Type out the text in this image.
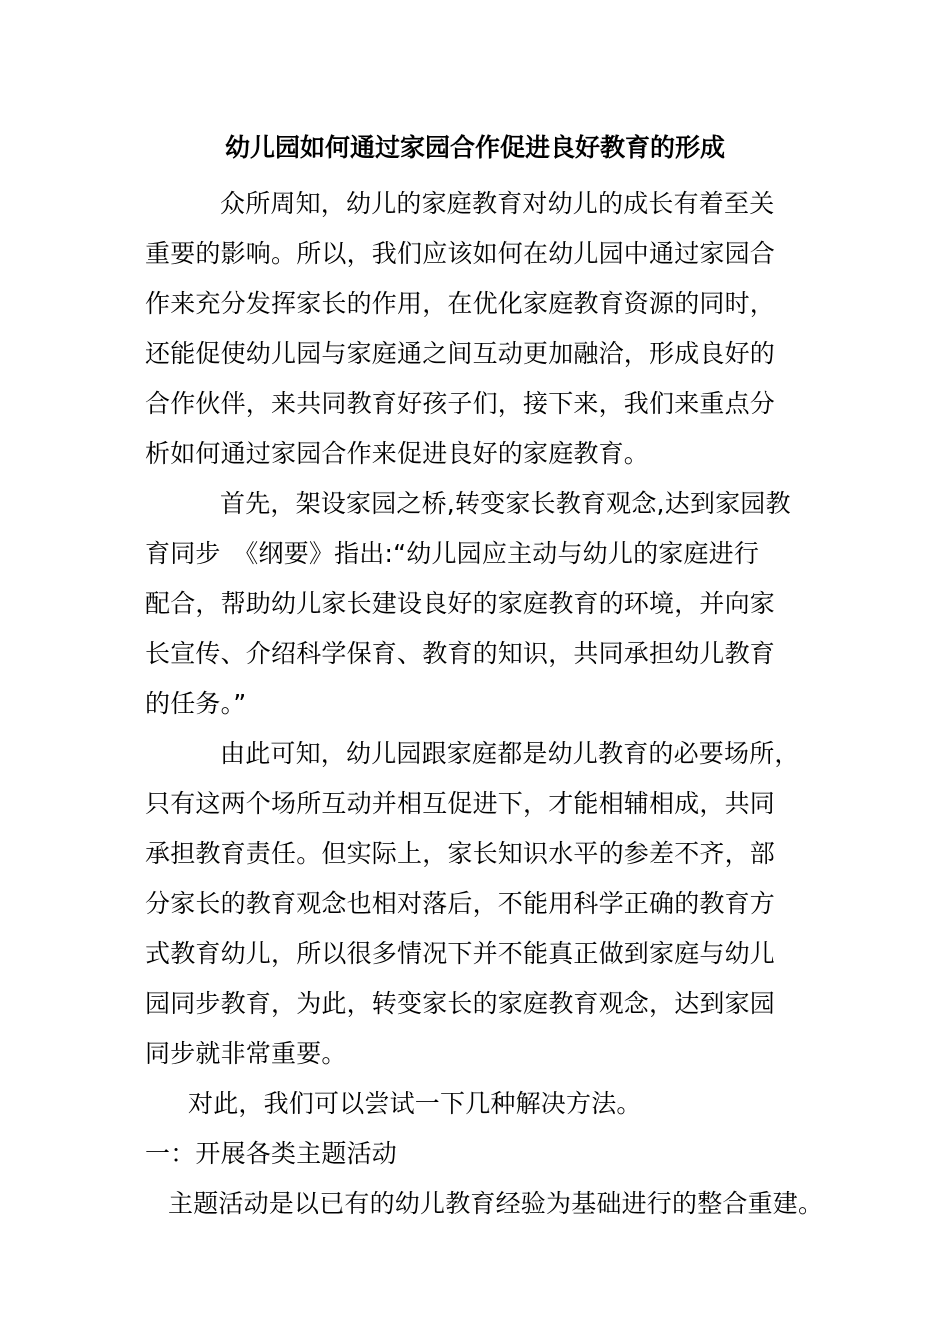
幼儿园如何通过家园合作促进良好教育的形成
众所周知，幼儿的家庭教育对幼儿的成长有着至关
重要的影响。所以，我们应该如何在幼儿园中通过家园合
作来充分发挥家长的作用，在优化家庭教育资源的同时，
还能促使幼儿园与家庭通之间互动更加融洽，形成良好的
合作伙伴，来共同教育好孩子们，接下来，我们来重点分
析如何通过家园合作来促进良好的家庭教育。
首先，架设家园之桥,转变家长教育观念,达到家园教
育同步　《纲要》指出:“幼儿园应主动与幼儿的家庭进行
配合，帮助幼儿家长建设良好的家庭教育的环境，并向家
长宣传、介绍科学保育、教育的知识，共同承担幼儿教育
的任务。”
由此可知，幼儿园跟家庭都是幼儿教育的必要场所，
只有这两个场所互动并相互促进下，才能相辅相成，共同
承担教育责任。但实际上，家长知识水平的参差不齐，部
分家长的教育观念也相对落后，不能用科学正确的教育方
式教育幼儿，所以很多情况下并不能真正做到家庭与幼儿
园同步教育，为此，转变家长的家庭教育观念，达到家园
同步就非常重要。
对此，我们可以尝试一下几种解决方法。
一：开展各类主题活动
主题活动是以已有的幼儿教育经验为基础进行的整合重建。
